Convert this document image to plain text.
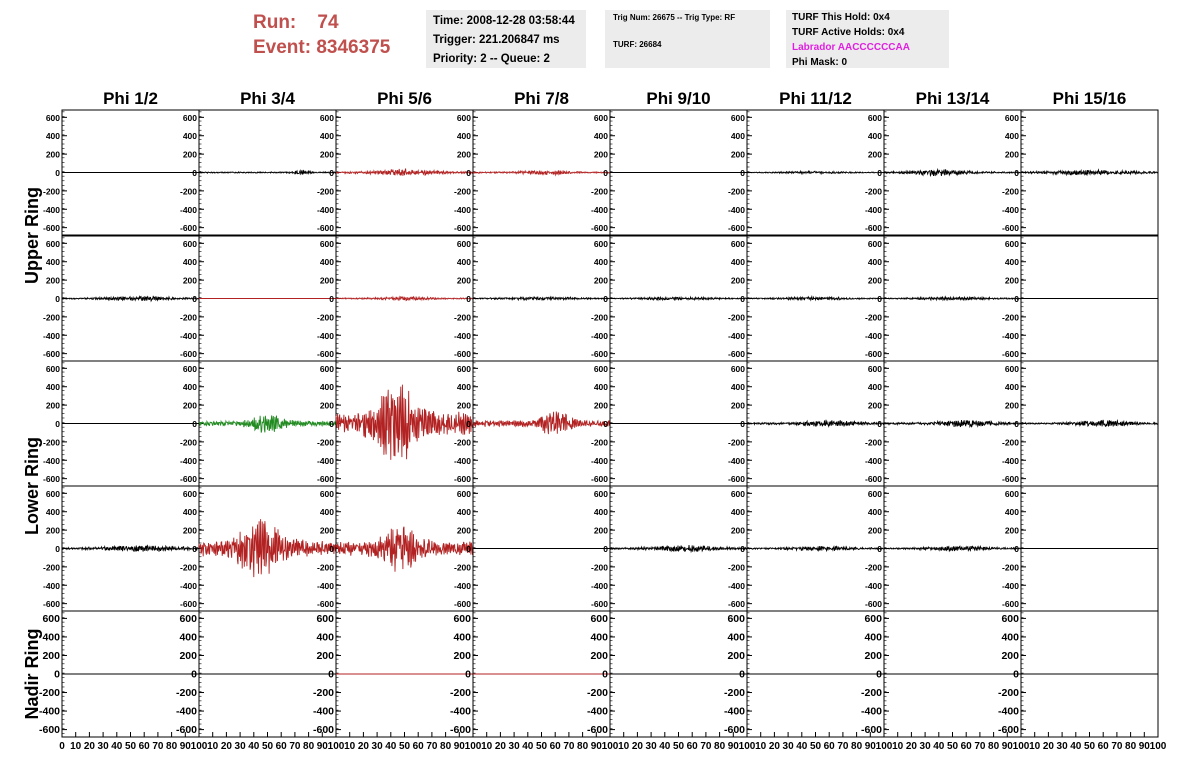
Run: 74
Event: 8346375
Time: 2008-12-28 03:58:44
Trigger: 221.206847 ms
Priority: 2 -- Queue: 2
Trig Num: 26675 -- Trig Type: RF
TURF: 26684
TURF This Hold: 0x4
TURF Active Holds: 0x4
Labrador AACCCCCCAA
Phi Mask: 0
Phi 1/2	Phi 3/4	Phi 5/6	Phi 7/8	Phi 9/10	Phi 11/12	Phi 13/14	Phi 15/16
Upper Ring
Lower Ring
Nadir Ring
600
400
200
0
-200
-400
-600
600
400
200
0
-200
-400
-600
600
400
200
0
-200
-400
-600
600
400
200
0
-200
-400
-600
600
400
200
0
-200
-400
-600
600
400
200
0
-200
-400
-600
600
400
200
0
-200
-400
-600
600
400
200
0
-200
-400
-600
600
400
200
0
-200
-400
-600
600
400
200
0
-200
-400
-600
600
400
200
0
-200
-400
-600
600
400
200
0
-200
-400
-600
600
400
200
0
-200
-400
-600
600
400
200
0
-200
-400
-600
600
400
200
0
-200
-400
-600
600
400
200
0
-200
-400
-600
600
400
200
0
-200
-400
-600
600
400
200
0
-200
-400
-600
600
400
200
0
-200
-400
-600
600
400
200
0
-200
-400
-600
600
400
200
0
-200
-400
-600
600
400
200
0
-200
-400
-600
600
400
200
0
-200
-400
-600
600
400
200
0
-200
-400
-600
600
400
200
0
-200
-400
-600
600
400
200
0
-200
-400
-600
600
400
200
0
-200
-400
-600
600
400
200
0
-200
-400
-600
600
400
200
0
-200
-400
-600
600
400
200
0
-200
-400
-600
600
400
200
0
-200
-400
-600
600
400
200
0
-200
-400
-600
600
400
200
0
-200
-400
-600
600
400
200
0
-200
-400
-600
600
400
200
0
-200
-400
-600
600
400
200
0
-200
-400
-600
600
400
200
0
-200
-400
-600
600
400
200
0
-200
-400
-600
600
400
200
0
-200
-400
-600
600
400
200
0
-200
-400
-600
0 10 20 30 40 50 60 70 80 90 100 10 20 30 40 50 60 70 80 90 100 10 20 30 40 50 60 70 80 90 100 10 20 30 40 50 60 70 80 90 100 10 20 30 40 50 60 70 80 90 100 10 20 30 40 50 60 70 80 90 100 10 20 30 40 50 60 70 80 90 100 10 20 30 40 50 60 70 80 90 100
